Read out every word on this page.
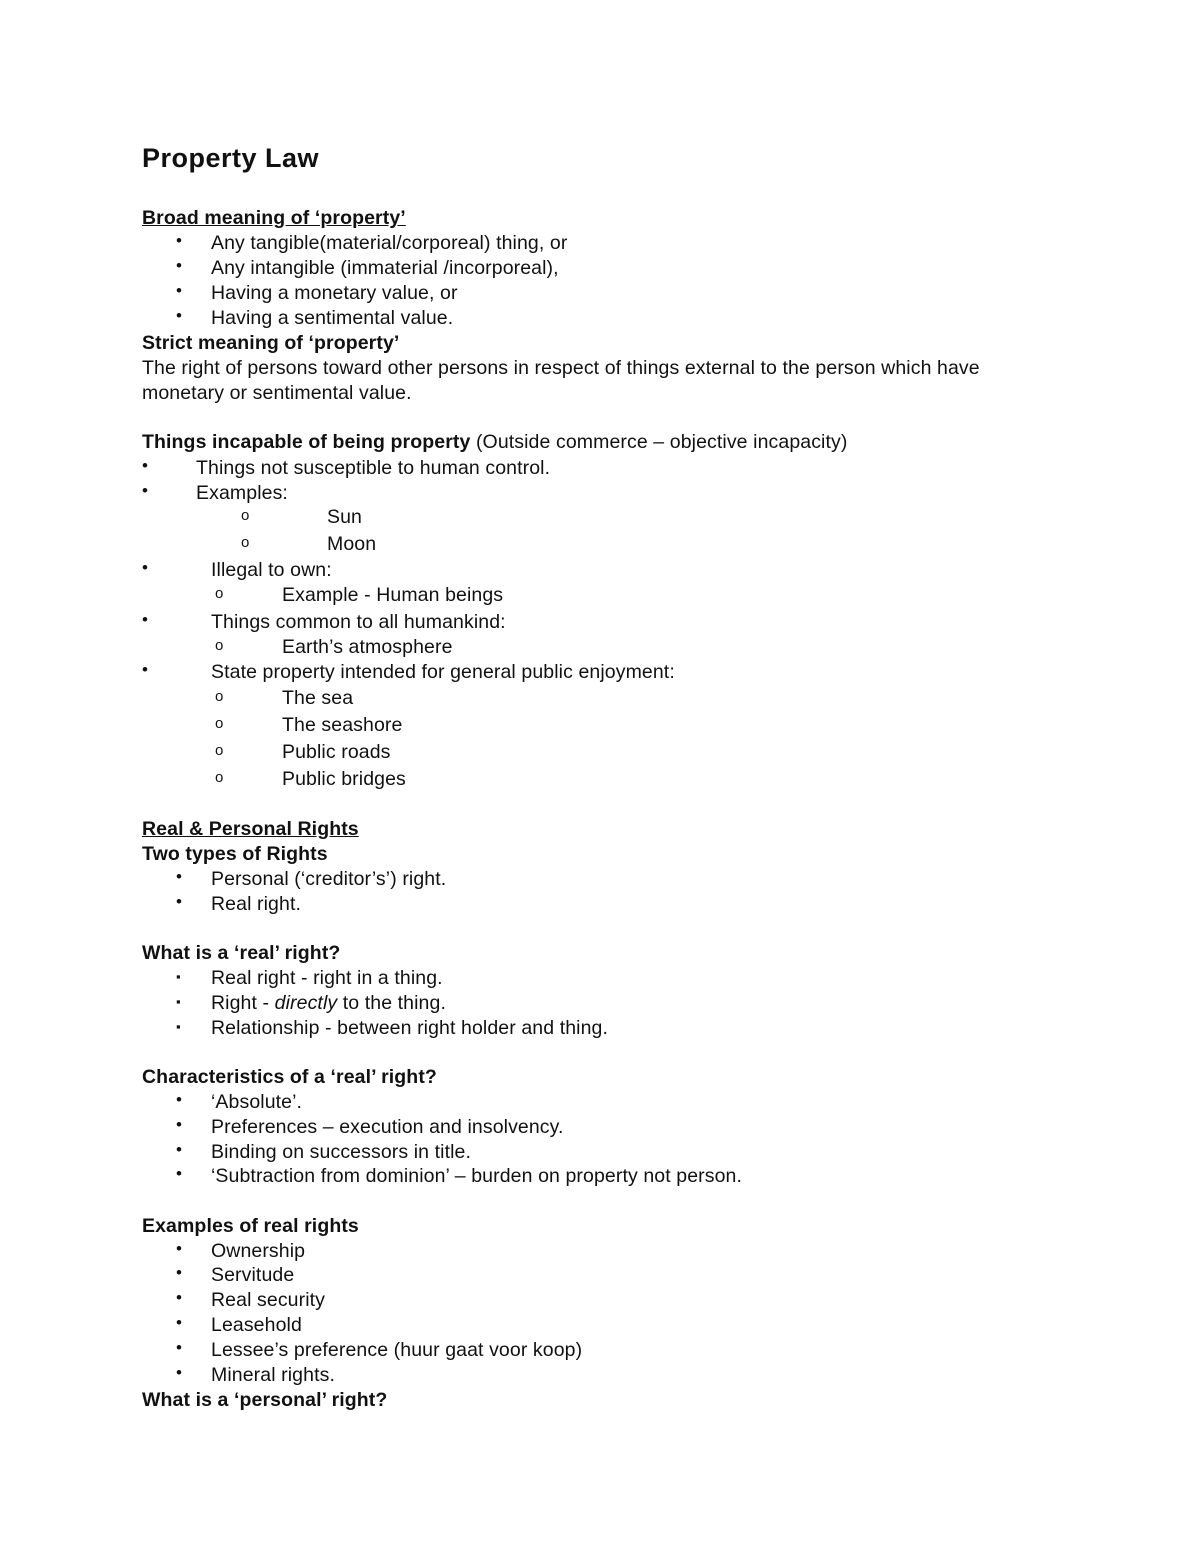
Property Law
Broad meaning of ‘property’
• Any tangible(material/corporeal) thing, or
• Any intangible (immaterial /incorporeal),
• Having a monetary value, or
• Having a sentimental value.
Strict meaning of ‘property’
The right of persons toward other persons in respect of things external to the person which have
monetary or sentimental value.
Things incapable of being property (Outside commerce – objective incapacity)
• Things not susceptible to human control.
• Examples:
o	Sun
o	Moon
•	Illegal to own:
o	Example - Human beings
•	Things common to all humankind:
o	Earth’s atmosphere
•	State property intended for general public enjoyment:
o	The sea
o	The seashore
o	Public roads
o	Public bridges
Real & Personal Rights
Two types of Rights
• Personal (‘creditor’s’) right.
• Real right.
What is a ‘real’ right?
▪ Real right - right in a thing.
▪ Right - directly to the thing.
▪ Relationship - between right holder and thing.
Characteristics of a ‘real’ right?
• ‘Absolute’.
• Preferences – execution and insolvency.
• Binding on successors in title.
• ‘Subtraction from dominion’ – burden on property not person.
Examples of real rights
• Ownership
• Servitude
• Real security
• Leasehold
• Lessee’s preference (huur gaat voor koop)
• Mineral rights.
What is a ‘personal’ right?
